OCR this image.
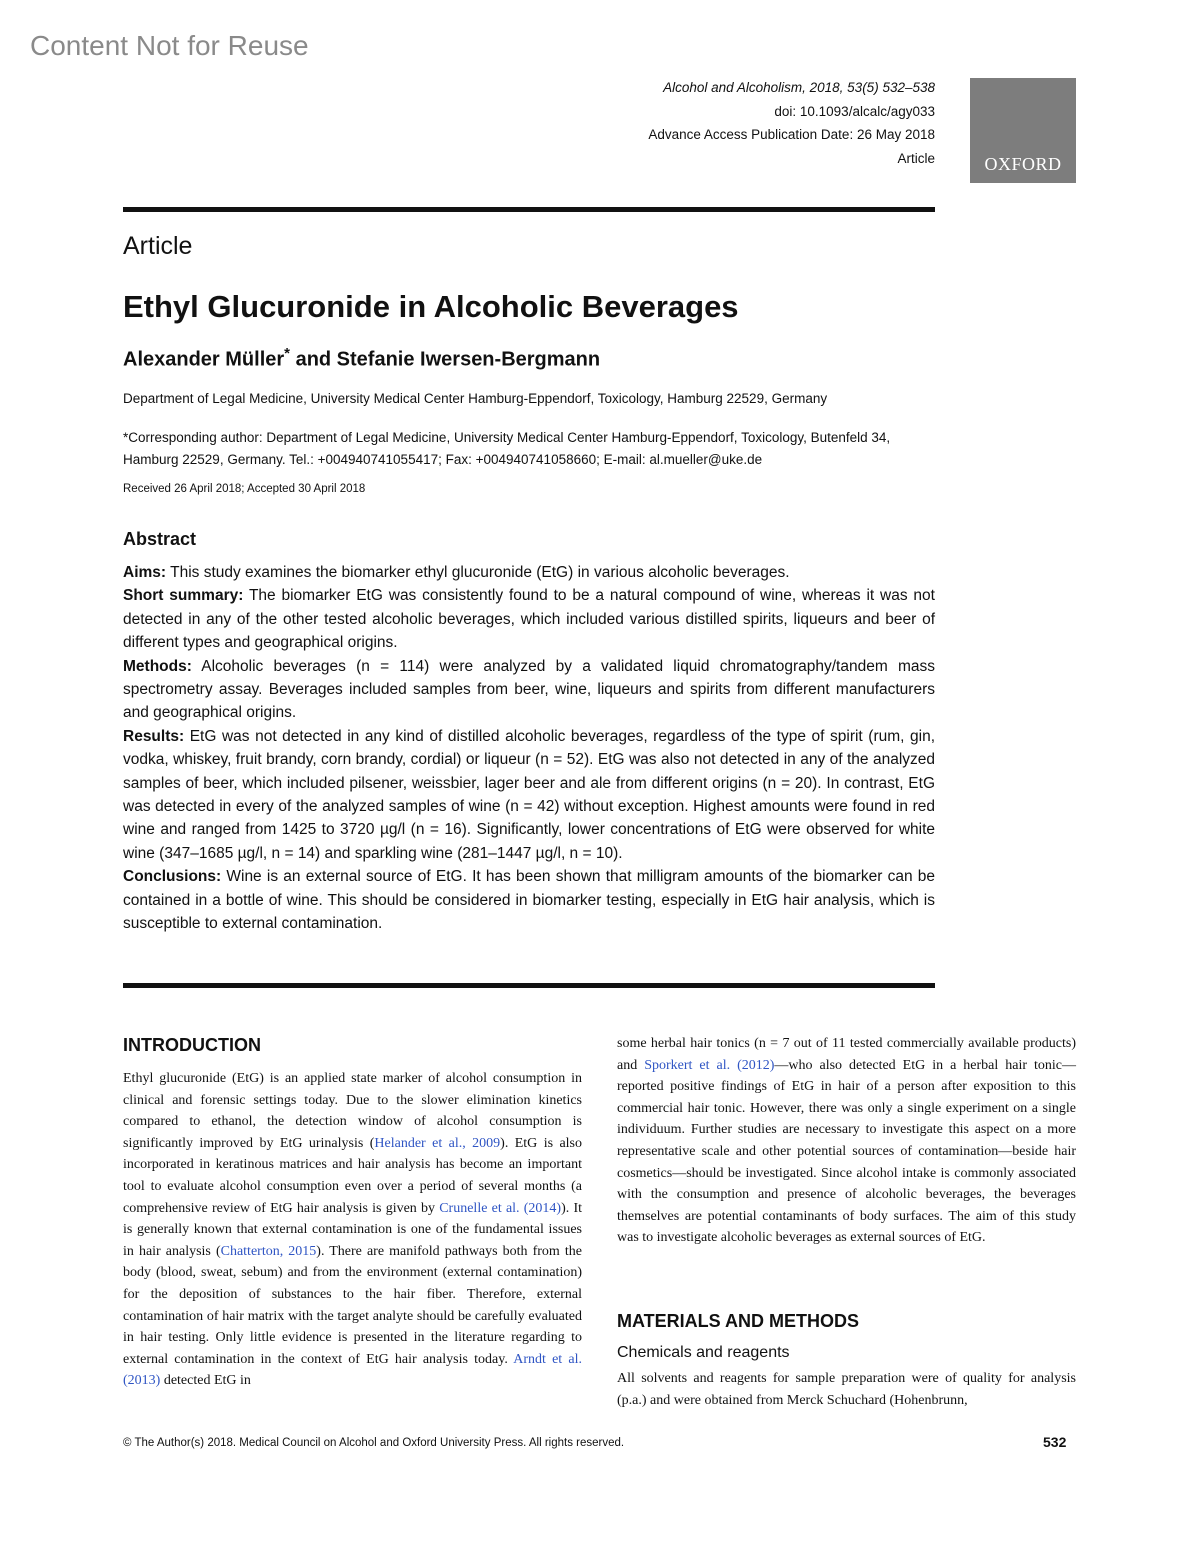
Content Not for Reuse
Alcohol and Alcoholism, 2018, 53(5) 532–538
doi: 10.1093/alcalc/agy033
Advance Access Publication Date: 26 May 2018
Article	OXFORD
Article
Ethyl Glucuronide in Alcoholic Beverages
Alexander Müller* and Stefanie Iwersen-Bergmann
Department of Legal Medicine, University Medical Center Hamburg-Eppendorf, Toxicology, Hamburg 22529, Germany
*Corresponding author: Department of Legal Medicine, University Medical Center Hamburg-Eppendorf, Toxicology, Butenfeld 34, Hamburg 22529, Germany. Tel.: +004940741055417; Fax: +004940741058660; E-mail: al.mueller@uke.de
Received 26 April 2018; Accepted 30 April 2018
Abstract

Aims: This study examines the biomarker ethyl glucuronide (EtG) in various alcoholic beverages.

Short summary: The biomarker EtG was consistently found to be a natural compound of wine, whereas it was not detected in any of the other tested alcoholic beverages, which included various distilled spirits, liqueurs and beer of different types and geographical origins.

Methods: Alcoholic beverages (n = 114) were analyzed by a validated liquid chromatography/tandem mass spectrometry assay. Beverages included samples from beer, wine, liqueurs and spirits from different manufacturers and geographical origins.

Results: EtG was not detected in any kind of distilled alcoholic beverages, regardless of the type of spirit (rum, gin, vodka, whiskey, fruit brandy, corn brandy, cordial) or liqueur (n = 52). EtG was also not detected in any of the analyzed samples of beer, which included pilsener, weissbier, lager beer and ale from different origins (n = 20). In contrast, EtG was detected in every of the analyzed samples of wine (n = 42) without exception. Highest amounts were found in red wine and ranged from 1425 to 3720 µg/l (n = 16). Significantly, lower concentrations of EtG were observed for white wine (347–1685 µg/l, n = 14) and sparkling wine (281–1447 µg/l, n = 10).

Conclusions: Wine is an external source of EtG. It has been shown that milligram amounts of the biomarker can be contained in a bottle of wine. This should be considered in biomarker testing, especially in EtG hair analysis, which is susceptible to external contamination.

INTRODUCTION

Ethyl glucuronide (EtG) is an applied state marker of alcohol consumption in clinical and forensic settings today. Due to the slower elimination kinetics compared to ethanol, the detection window of alcohol consumption is significantly improved by EtG urinalysis (Helander et al., 2009). EtG is also incorporated in keratinous matrices and hair analysis has become an important tool to evaluate alcohol consumption even over a period of several months (a comprehensive review of EtG hair analysis is given by Crunelle et al. (2014)). It is generally known that external contamination is one of the fundamental issues in hair analysis (Chatterton, 2015). There are manifold pathways both from the body (blood, sweat, sebum) and from the environment (external contamination) for the deposition of substances to the hair fiber. Therefore, external contamination of hair matrix with the target analyte should be carefully evaluated in hair testing. Only little evidence is presented in the literature regarding to external contamination in the context of EtG hair analysis today. Arndt et al. (2013) detected EtG in

some herbal hair tonics (n = 7 out of 11 tested commercially available products) and Sporkert et al. (2012)—who also detected EtG in a herbal hair tonic—reported positive findings of EtG in hair of a person after exposition to this commercial hair tonic. However, there was only a single experiment on a single individuum. Further studies are necessary to investigate this aspect on a more representative scale and other potential sources of contamination—beside hair cosmetics—should be investigated. Since alcohol intake is commonly associated with the consumption and presence of alcoholic beverages, the beverages themselves are potential contaminants of body surfaces. The aim of this study was to investigate alcoholic beverages as external sources of EtG.

MATERIALS AND METHODS
Chemicals and reagents

All solvents and reagents for sample preparation were of quality for analysis (p.a.) and were obtained from Merck Schuchard (Hohenbrunn,

© The Author(s) 2018. Medical Council on Alcohol and Oxford University Press. All rights reserved.	532
